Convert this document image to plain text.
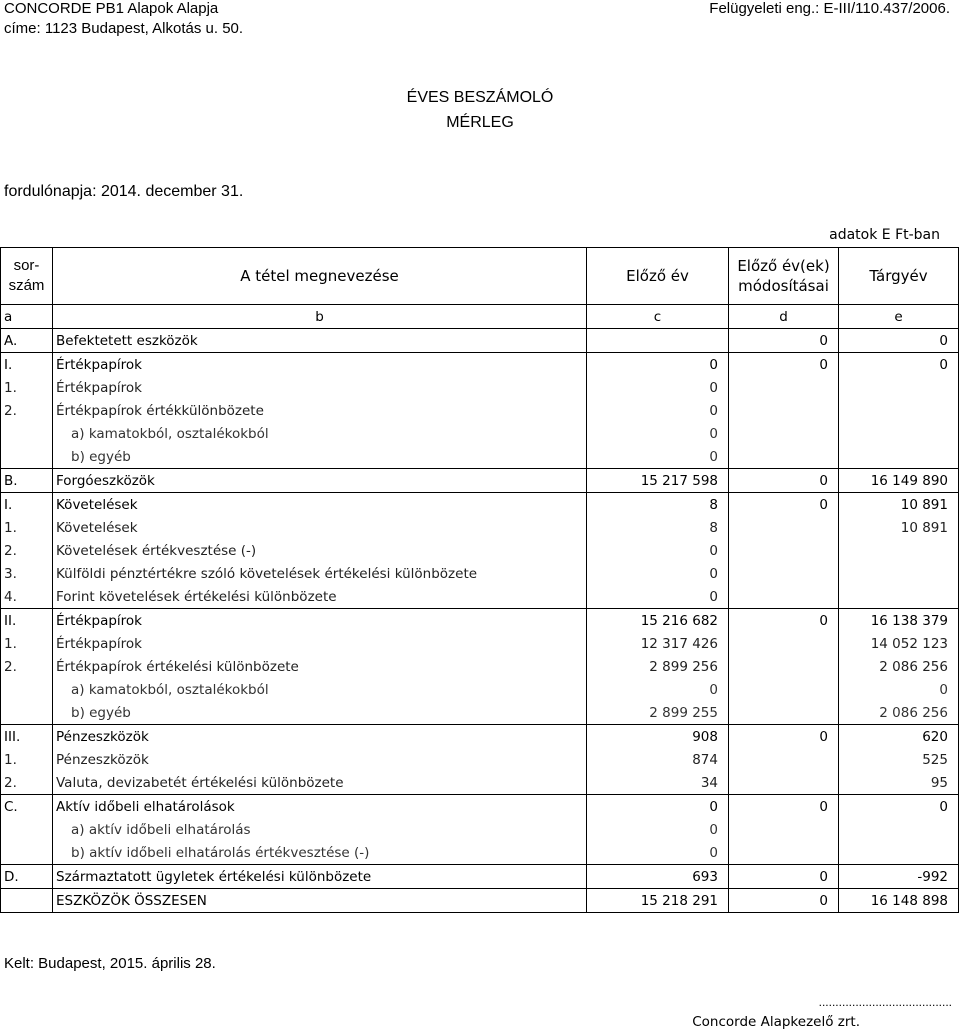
CONCORDE PB1 Alapok Alapja
címe: 1123 Budapest, Alkotás u. 50.
Felügyeleti eng.: E-III/110.437/2006.
ÉVES BESZÁMOLÓ
MÉRLEG
fordulónapja: 2014. december 31.
adatok E Ft-ban
sor-
szám	A tétel megnevezése	Előző év	Előző év(ek)
módosításai	Tárgyév
a	b	c	d	e
A.	Befektetett eszközök		0	0
I.	Értékpapírok	0	0	0
1.	Értékpapírok	0		
2.	Értékpapírok értékkülönbözete	0		
	a) kamatokból, osztalékokból	0		
	b) egyéb	0		
B.	Forgóeszközök	15 217 598	0	16 149 890
I.	Követelések	8	0	10 891
1.	Követelések	8		10 891
2.	Követelések értékvesztése (-)	0		
3.	Külföldi pénztértékre szóló követelések értékelési különbözete	0		
4.	Forint követelések értékelési különbözete	0		
II.	Értékpapírok	15 216 682	0	16 138 379
1.	Értékpapírok	12 317 426		14 052 123
2.	Értékpapírok értékelési különbözete	2 899 256		2 086 256
	a) kamatokból, osztalékokból	0		0
	b) egyéb	2 899 255		2 086 256
III.	Pénzeszközök	908	0	620
1.	Pénzeszközök	874		525
2.	Valuta, devizabetét értékelési különbözete	34		95
C.	Aktív időbeli elhatárolások	0	0	0
	a) aktív időbeli elhatárolás	0		
	b) aktív időbeli elhatárolás értékvesztése (-)	0		
D.	Származtatott ügyletek értékelési különbözete	693	0	-992
	ESZKÖZÖK ÖSSZESEN	15 218 291	0	16 148 898
Kelt: Budapest, 2015. április 28.
........................................
Concorde Alapkezelő zrt.
